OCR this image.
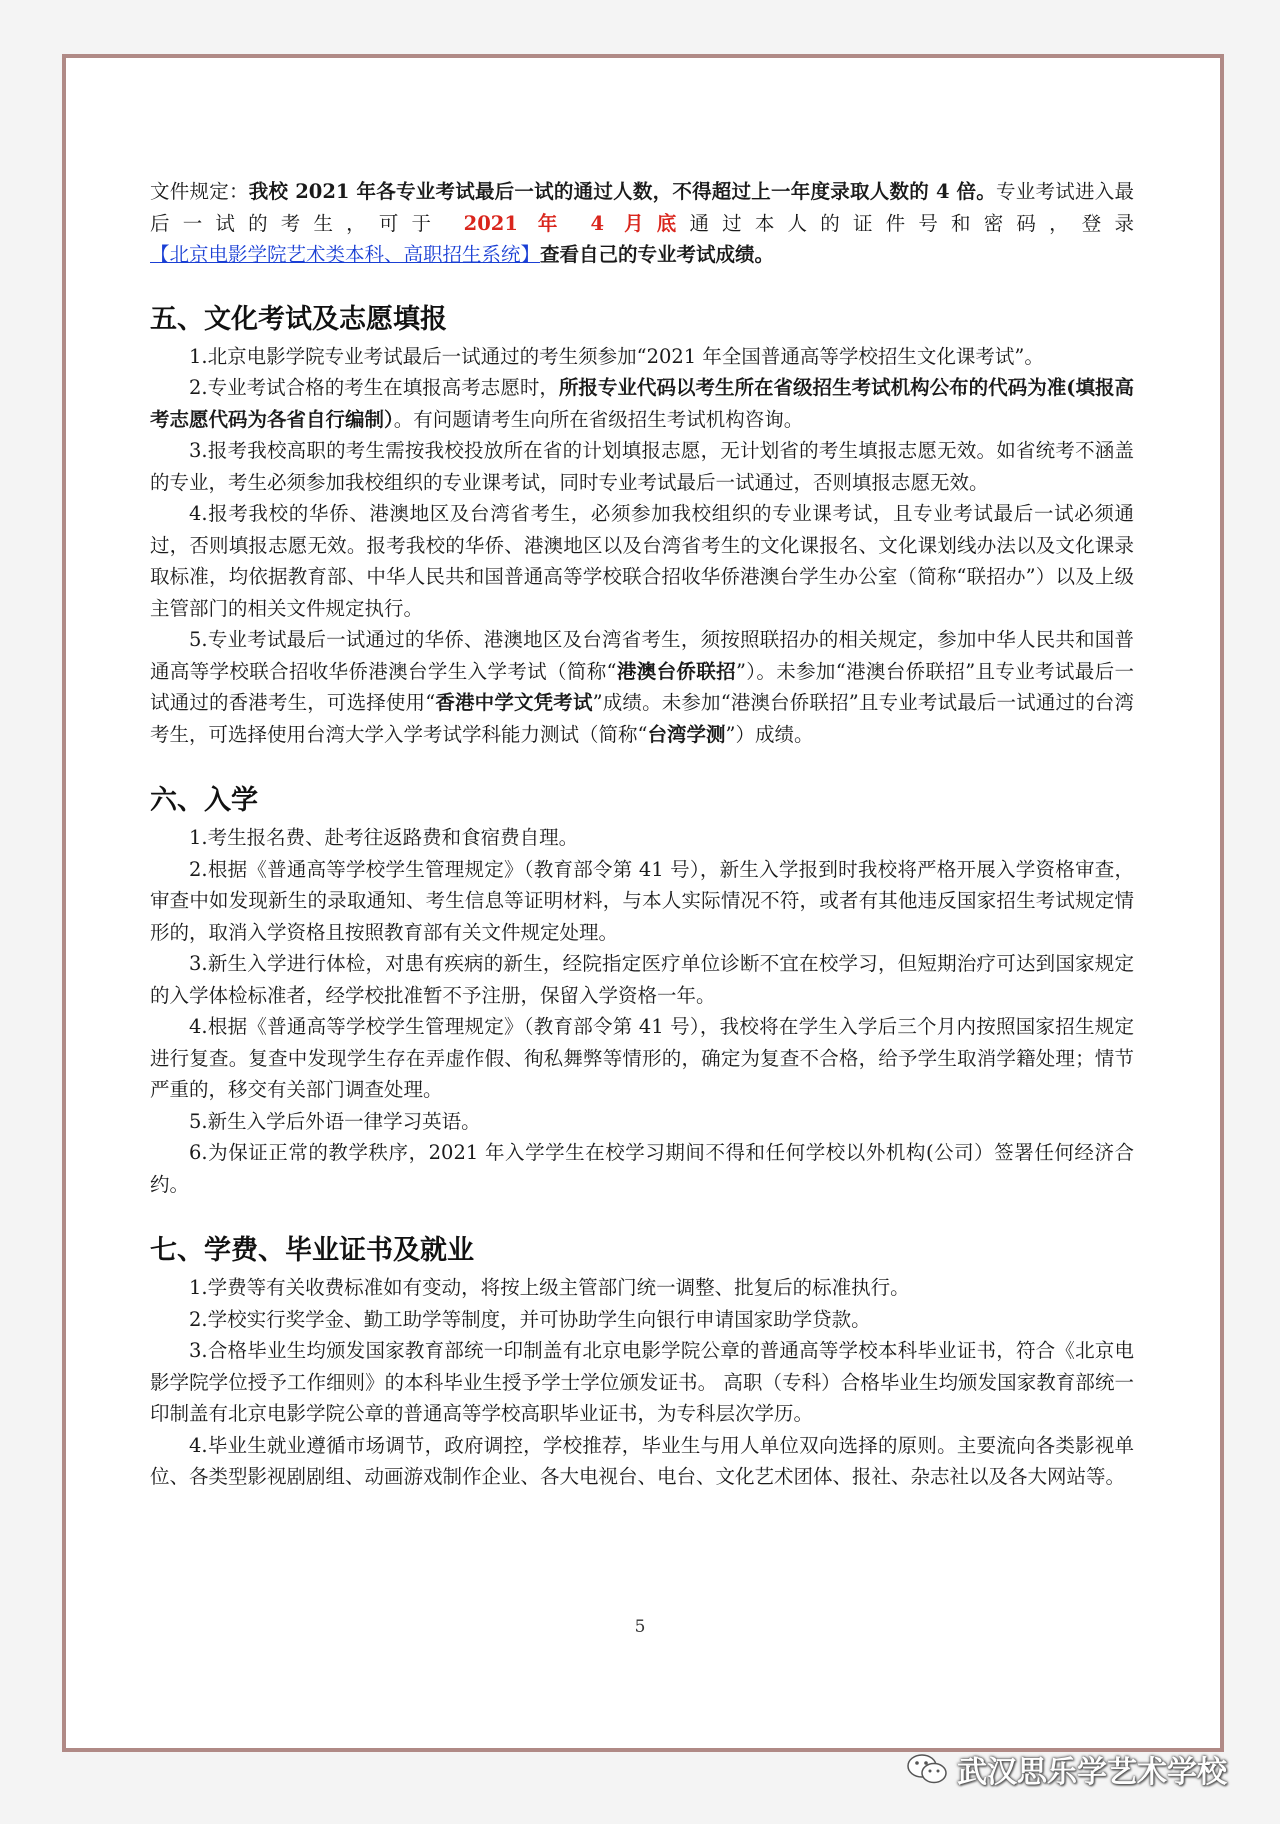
文件规定：我校 2021 年各专业考试最后一试的通过人数，不得超过上一年度录取人数的 4 倍。专业考试进入最后一试的考生，可于 2021 年 4 月底通过本人的证件号和密码，登录【北京电影学院艺术类本科、高职招生系统】查看自己的专业考试成绩。

五、文化考试及志愿填报

1.北京电影学院专业考试最后一试通过的考生须参加“2021 年全国普通高等学校招生文化课考试”。

2.专业考试合格的考生在填报高考志愿时，所报专业代码以考生所在省级招生考试机构公布的代码为准(填报高考志愿代码为各省自行编制）。有问题请考生向所在省级招生考试机构咨询。

3.报考我校高职的考生需按我校投放所在省的计划填报志愿，无计划省的考生填报志愿无效。如省统考不涵盖的专业，考生必须参加我校组织的专业课考试，同时专业考试最后一试通过，否则填报志愿无效。

4.报考我校的华侨、港澳地区及台湾省考生，必须参加我校组织的专业课考试，且专业考试最后一试必须通过，否则填报志愿无效。报考我校的华侨、港澳地区以及台湾省考生的文化课报名、文化课划线办法以及文化课录取标准，均依据教育部、中华人民共和国普通高等学校联合招收华侨港澳台学生办公室（简称“联招办”）以及上级主管部门的相关文件规定执行。

5.专业考试最后一试通过的华侨、港澳地区及台湾省考生，须按照联招办的相关规定，参加中华人民共和国普通高等学校联合招收华侨港澳台学生入学考试（简称“港澳台侨联招”）。未参加“港澳台侨联招”且专业考试最后一试通过的香港考生，可选择使用“香港中学文凭考试”成绩。未参加“港澳台侨联招”且专业考试最后一试通过的台湾考生，可选择使用台湾大学入学考试学科能力测试（简称“台湾学测”）成绩。

六、入学

1.考生报名费、赴考往返路费和食宿费自理。

2.根据《普通高等学校学生管理规定》（教育部令第 41 号），新生入学报到时我校将严格开展入学资格审查，审查中如发现新生的录取通知、考生信息等证明材料，与本人实际情况不符，或者有其他违反国家招生考试规定情形的，取消入学资格且按照教育部有关文件规定处理。

3.新生入学进行体检，对患有疾病的新生，经院指定医疗单位诊断不宜在校学习，但短期治疗可达到国家规定的入学体检标准者，经学校批准暂不予注册，保留入学资格一年。

4.根据《普通高等学校学生管理规定》（教育部令第 41 号），我校将在学生入学后三个月内按照国家招生规定进行复查。复查中发现学生存在弄虚作假、徇私舞弊等情形的，确定为复查不合格，给予学生取消学籍处理；情节严重的，移交有关部门调查处理。

5.新生入学后外语一律学习英语。

6.为保证正常的教学秩序，2021 年入学学生在校学习期间不得和任何学校以外机构(公司）签署任何经济合约。

七、学费、毕业证书及就业

1.学费等有关收费标准如有变动，将按上级主管部门统一调整、批复后的标准执行。

2.学校实行奖学金、勤工助学等制度，并可协助学生向银行申请国家助学贷款。

3.合格毕业生均颁发国家教育部统一印制盖有北京电影学院公章的普通高等学校本科毕业证书，符合《北京电影学院学位授予工作细则》的本科毕业生授予学士学位颁发证书。 高职（专科）合格毕业生均颁发国家教育部统一印制盖有北京电影学院公章的普通高等学校高职毕业证书，为专科层次学历。

4.毕业生就业遵循市场调节，政府调控，学校推荐，毕业生与用人单位双向选择的原则。主要流向各类影视单位、各类型影视剧剧组、动画游戏制作企业、各大电视台、电台、文化艺术团体、报社、杂志社以及各大网站等。

5
武汉思乐学艺术学校
